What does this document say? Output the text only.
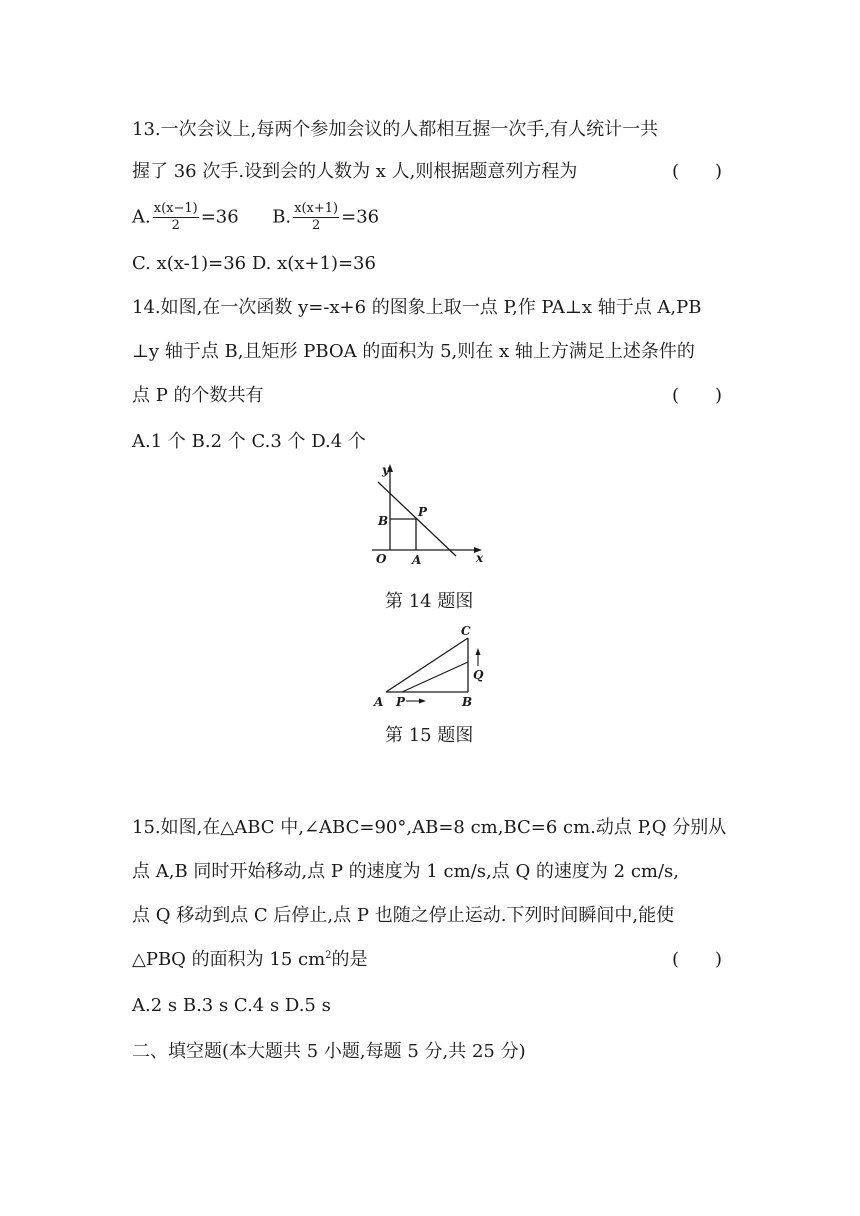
13.一次会议上,每两个参加会议的人都相互握一次手,有人统计一共
握了 36 次手.设到会的人数为 x 人,则根据题意列方程为	(　　)
A. $\frac{x(x-1)}{2} =36$ B. $\frac{x(x+1)}{2} =36$
C. x(x-1)=36 D. x(x+1)=36
14.如图,在一次函数 y=-x+6 的图象上取一点 P,作 PA⊥x 轴于点 A,PB
⊥y 轴于点 B,且矩形 PBOA 的面积为 5,则在 x 轴上方满足上述条件的
点 P 的个数共有	(　　)
A.1 个 B.2 个 C.3 个 D.4 个
y
x
O A
B
P
第 14 题图
A	B
C
P
Q
第 15 题图
15.如图,在△ABC 中,∠ABC=90°,AB=8 cm,BC=6 cm.动点 P,Q 分别从
点 A,B 同时开始移动,点 P 的速度为 1 cm/s,点 Q 的速度为 2 cm/s,
点 Q 移动到点 C 后停止,点 P 也随之停止运动.下列时间瞬间中,能使
△PBQ 的面积为 15 $cm^2$的是	(　　)
A.2 s B.3 s C.4 s D.5 s
二、填空题(本大题共 5 小题,每题 5 分,共 25 分)
